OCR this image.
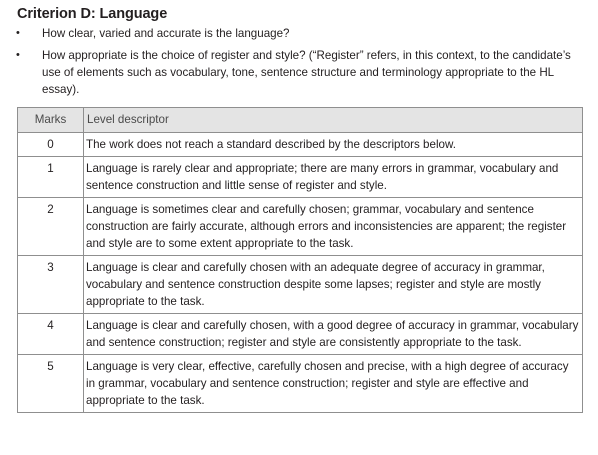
Criterion D: Language
•	How clear, varied and accurate is the language?
•	How appropriate is the choice of register and style? (“Register” refers, in this context, to the candidate’s use of elements such as vocabulary, tone, sentence structure and terminology appropriate to the HL essay).
Marks	Level descriptor
0	The work does not reach a standard described by the descriptors below.
1	Language is rarely clear and appropriate; there are many errors in grammar, vocabulary and sentence construction and little sense of register and style.
2	Language is sometimes clear and carefully chosen; grammar, vocabulary and sentence construction are fairly accurate, although errors and inconsistencies are apparent; the register and style are to some extent appropriate to the task.
3	Language is clear and carefully chosen with an adequate degree of accuracy in grammar, vocabulary and sentence construction despite some lapses; register and style are mostly appropriate to the task.
4	Language is clear and carefully chosen, with a good degree of accuracy in grammar, vocabulary and sentence construction; register and style are consistently appropriate to the task.
5	Language is very clear, effective, carefully chosen and precise, with a high degree of accuracy in grammar, vocabulary and sentence construction; register and style are effective and appropriate to the task.
